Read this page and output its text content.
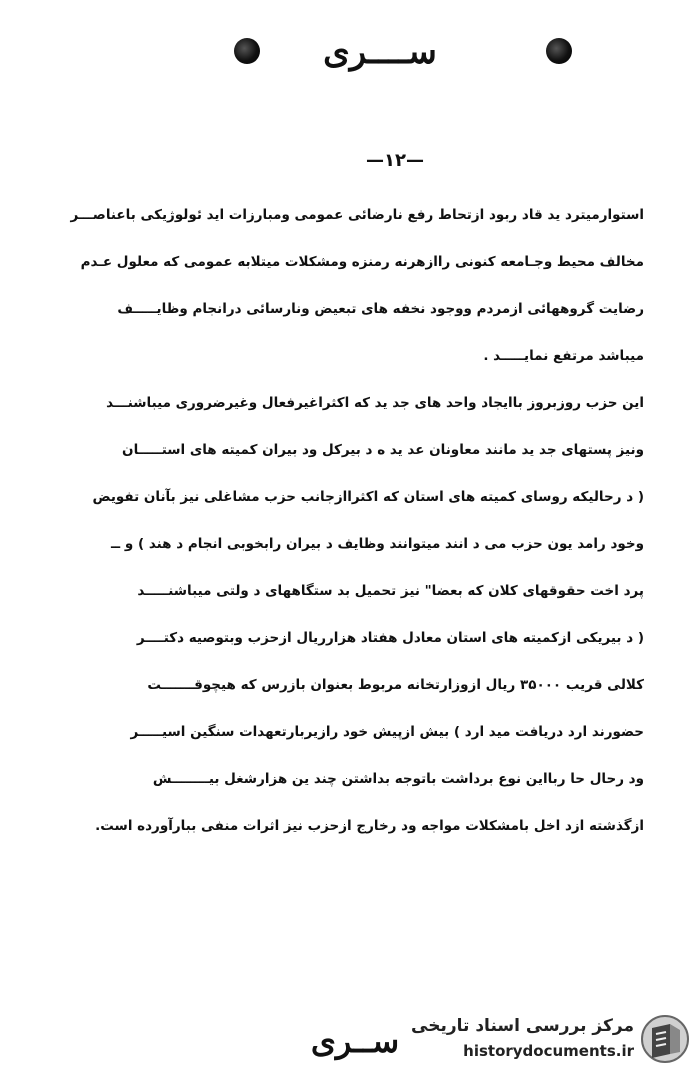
ســــری
—۱۲—
استوارمیترد ید قاد ربود ازتحاط رفع نارضائی عمومی ومبارزات اید ئولوژیکی باعناصـــر
مخالف محیط وجـامعه کنونی راازهرنه رمنزه ومشکلات میتلابه عمومی که معلول عـدم
رضایت گروههائی ازمردم ووجود نخفه های تبعیض ونارسائی درانجام وظایـــــف
میباشد مرتفع نمایـــــد .
این حزب روزبروز باایجاد واحد های جد ید که اکثراغیرفعال وغیرضروری میباشنـــد
ونیز پستهای جد ید مانند معاونان عد ید ه د بیرکل ود بیران کمیته های استـــــان
( د رحالیکه روسای کمیته های استان که اکثراازجانب حزب مشاغلی نیز بآنان تفویض
وخود رامد یون حزب می د انند میتوانند وظایف د بیران رابخوبی انجام د هند ) و ــ
پرد اخت حقوقهای کلان که بعضا" نیز تحمیل بد ستگاههای د ولتی میباشنـــــد
( د بیریکی ازکمیته های استان معادل هفتاد هزارریال ازحزب وبتوصیه دکتــــر
کلالی قریب ۳۵۰۰۰ ریال ازوزارتخانه مربوط بعنوان بازرس که هیچوقـــــــت
حضورند ارد دریافت مید ارد ) بیش ازپیش خود رازیربارتعهدات سنگین اسیـــــر
ود رحال حا ربااین نوع برداشت باتوجه بداشتن چند ین هزارشغل بیــــــــش
ازگذشته ازد اخل بامشکلات مواجه ود رخارج ازحزب نیز اثرات منفی ببارآورده است.
ســری مرکز بررسی اسناد تاریخی
historydocuments.ir
